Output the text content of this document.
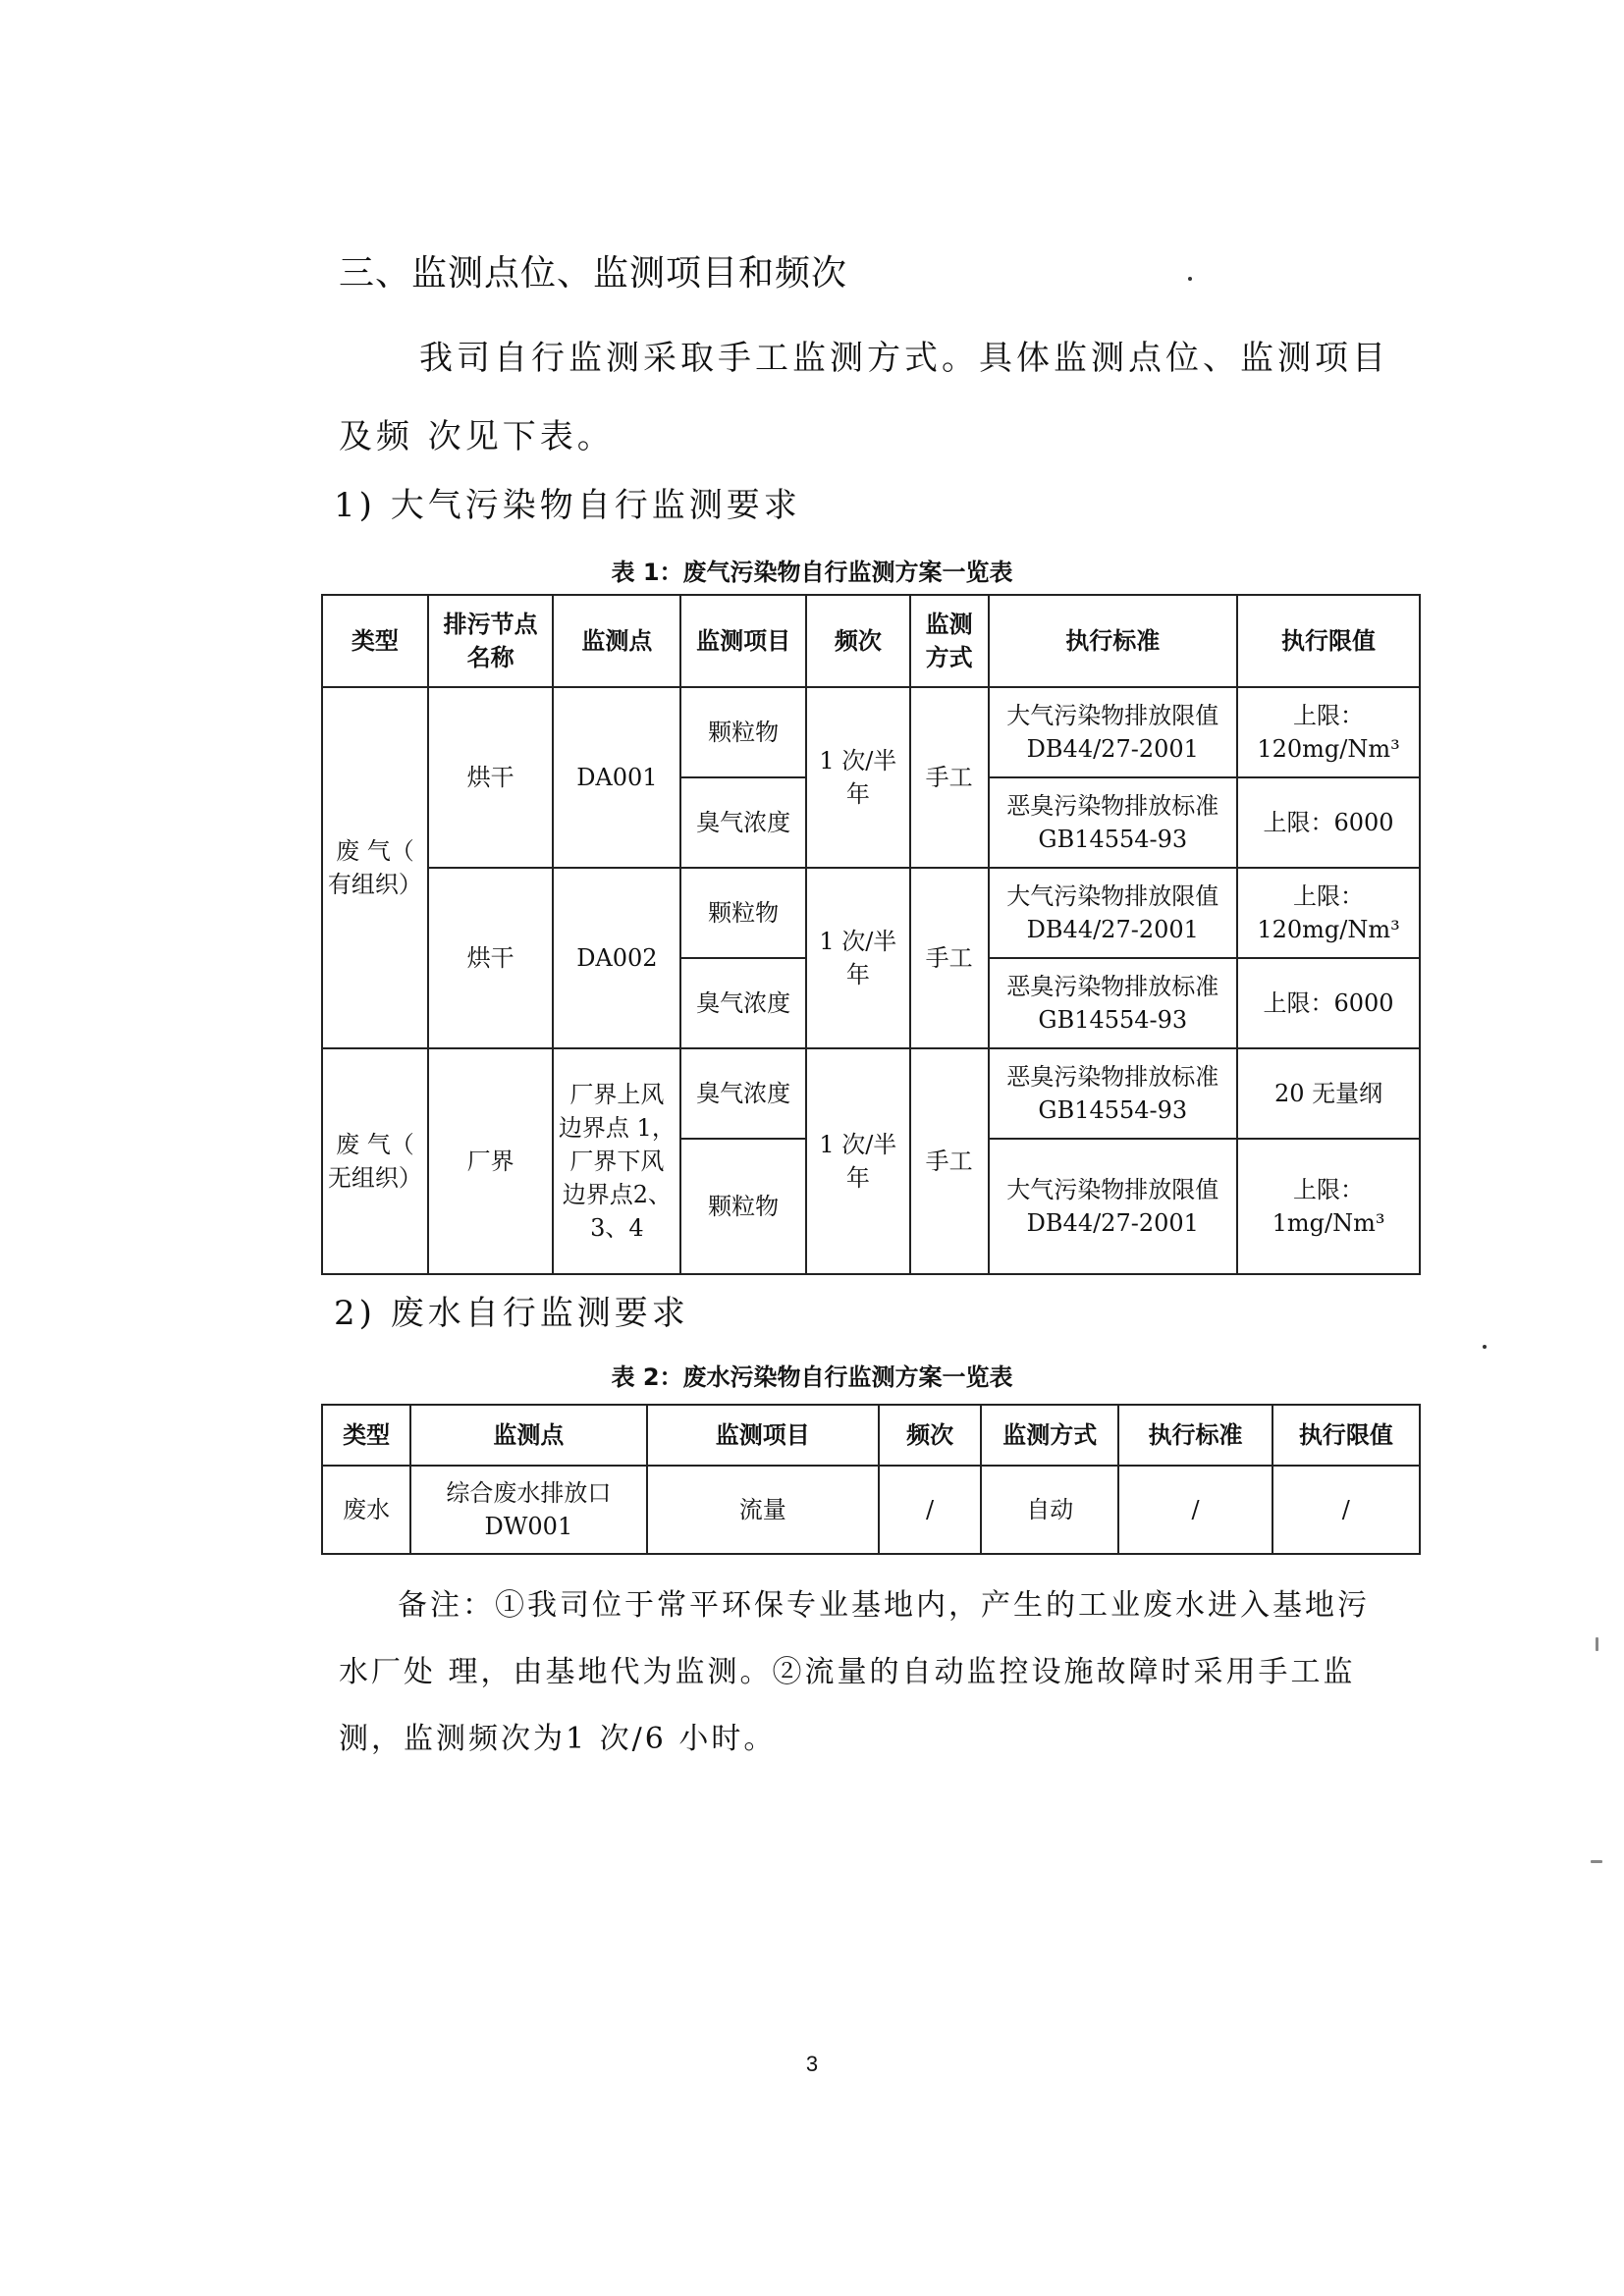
三、监测点位、监测项目和频次
我司自行监测采取手工监测方式。具体监测点位、监测项目及频 次见下表。
1) 大气污染物自行监测要求
表 1：废气污染物自行监测方案一览表
类型	排污节点名称	监测点	监测项目	频次	监测方式	执行标准	执行限值
废 气（ 有组织）	烘干	DA001	颗粒物	1 次/半年	手工	大气污染物排放限值 DB44/27-2001	上限：120mg/Nm³
			臭气浓度			恶臭污染物排放标准 GB14554-93	上限：6000
	烘干	DA002	颗粒物	1 次/半年	手工	大气污染物排放限值 DB44/27-2001	上限：120mg/Nm³
			臭气浓度			恶臭污染物排放标准 GB14554-93	上限：6000
废 气（ 无组织）	厂界	厂界上风边界点 1，厂界下风边界点2、3、4	臭气浓度	1 次/半年	手工	恶臭污染物排放标准 GB14554-93	20 无量纲
			颗粒物			大气污染物排放限值 DB44/27-2001	上限：1mg/Nm³
2) 废水自行监测要求
表 2：废水污染物自行监测方案一览表
类型	监测点	监测项目	频次	监测方式	执行标准	执行限值
废水	综合废水排放口 DW001	流量	/	自动	/	/
备注：①我司位于常平环保专业基地内，产生的工业废水进入基地污水厂处 理，由基地代为监测。②流量的自动监控设施故障时采用手工监测，监测频次为1 次/6 小时。
3
